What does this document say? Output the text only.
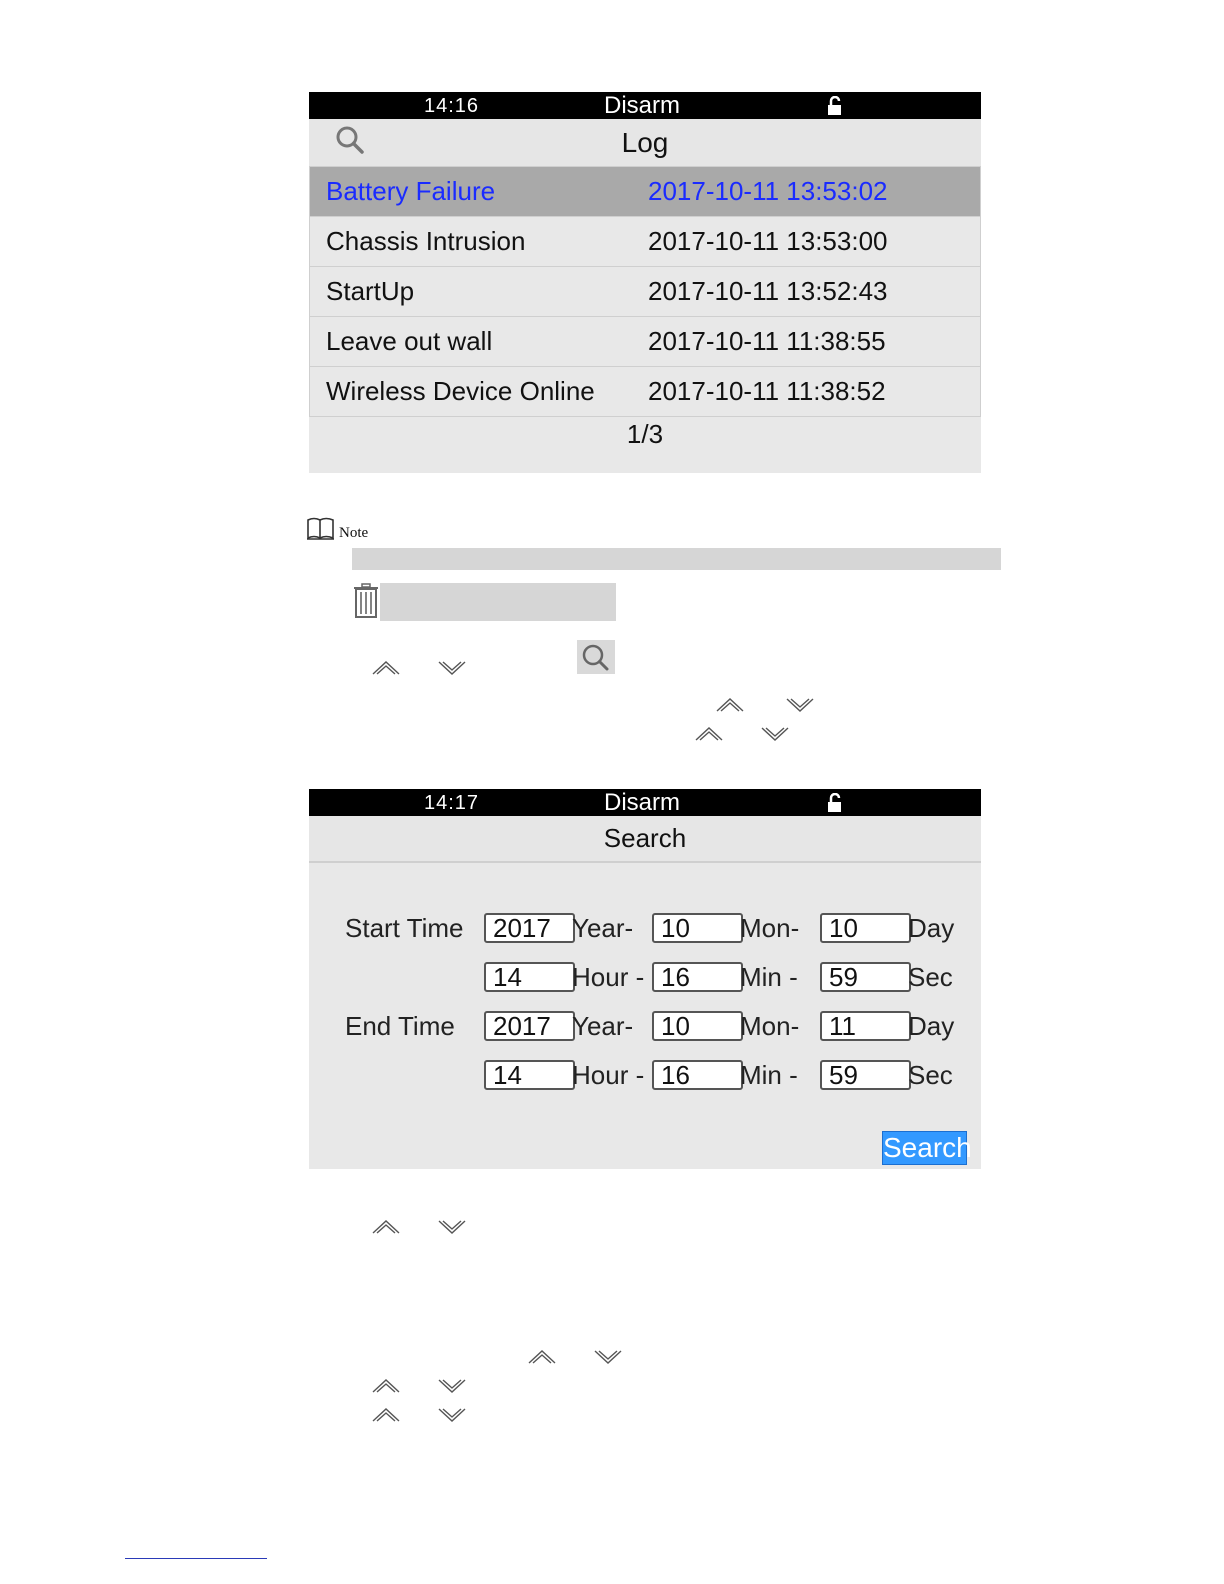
14:16	Disarm
Log
Battery Failure	2017-10-11 13:53:02
Chassis Intrusion	2017-10-11 13:53:00
StartUp	2017-10-11 13:52:43
Leave out wall	2017-10-11 11:38:55
Wireless Device Online 2017-10-11 11:38:52
1/3
Note
14:17	Disarm
Search
Start Time	2017 Year-	10	Mon-	10	Day
14	Hour - 16	Min -	59	Sec
End Time	2017 Year-	10	Mon-	11	Day
14	Hour - 16	Min -	59	Sec
Search
